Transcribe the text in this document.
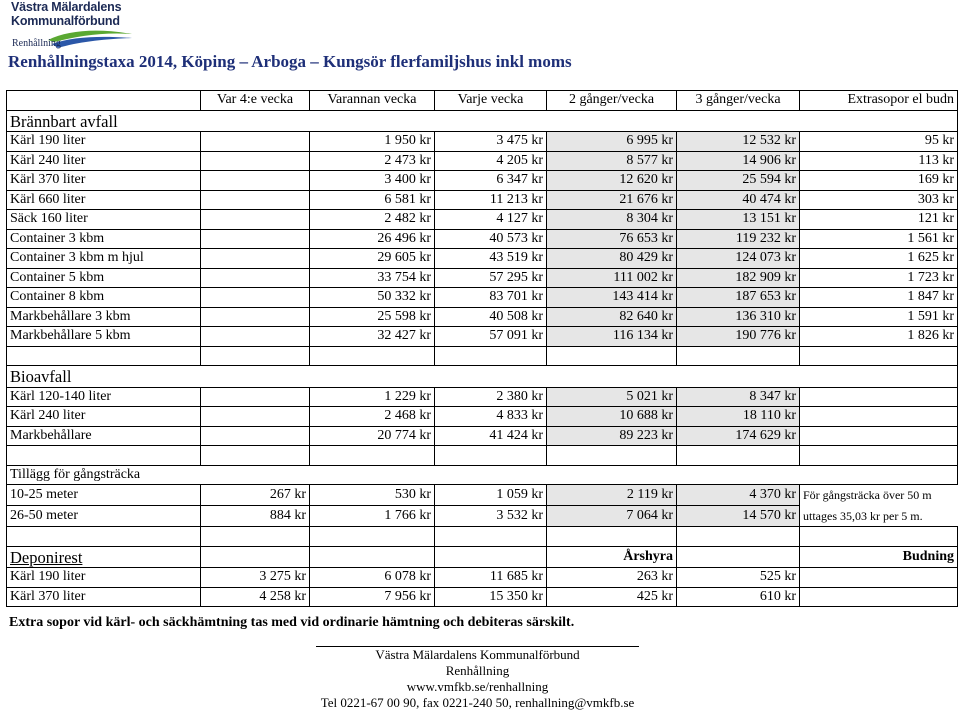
Västra Mälardalens
Kommunalförbund
Renhållning
Renhållningstaxa 2014, Köping – Arboga – Kungsör flerfamiljshus inkl moms
	Var 4:e vecka	Varannan vecka	Varje vecka	2 gånger/vecka	3 gånger/vecka	Extrasopor el budn
Brännbart avfall						
Kärl 190 liter		1 950 kr	3 475 kr	6 995 kr	12 532 kr	95 kr
Kärl 240 liter		2 473 kr	4 205 kr	8 577 kr	14 906 kr	113 kr
Kärl 370 liter		3 400 kr	6 347 kr	12 620 kr	25 594 kr	169 kr
Kärl 660 liter		6 581 kr	11 213 kr	21 676 kr	40 474 kr	303 kr
Säck 160 liter		2 482 kr	4 127 kr	8 304 kr	13 151 kr	121 kr
Container 3 kbm		26 496 kr	40 573 kr	76 653 kr	119 232 kr	1 561 kr
Container 3 kbm m hjul		29 605 kr	43 519 kr	80 429 kr	124 073 kr	1 625 kr
Container 5 kbm		33 754 kr	57 295 kr	111 002 kr	182 909 kr	1 723 kr
Container 8 kbm		50 332 kr	83 701 kr	143 414 kr	187 653 kr	1 847 kr
Markbehållare 3 kbm		25 598 kr	40 508 kr	82 640 kr	136 310 kr	1 591 kr
Markbehållare 5 kbm		32 427 kr	57 091 kr	116 134 kr	190 776 kr	1 826 kr

Bioavfall						
Kärl 120-140 liter		1 229 kr	2 380 kr	5 021 kr	8 347 kr	
Kärl 240 liter		2 468 kr	4 833 kr	10 688 kr	18 110 kr	
Markbehållare		20 774 kr	41 424 kr	89 223 kr	174 629 kr	

Tillägg för gångsträcka						
10-25 meter	267 kr	530 kr	1 059 kr	2 119 kr	4 370 kr	För gångsträcka över 50 m
26-50 meter	884 kr	1 766 kr	3 532 kr	7 064 kr	14 570 kr	uttages 35,03 kr per 5 m.

Deponirest				Årshyra		Budning
Kärl 190 liter	3 275 kr	6 078 kr	11 685 kr	263 kr	525 kr	
Kärl 370 liter	4 258 kr	7 956 kr	15 350 kr	425 kr	610 kr	
Extra sopor vid kärl- och säckhämtning tas med vid ordinarie hämtning och debiteras särskilt.
Västra Mälardalens Kommunalförbund
Renhållning
www.vmfkb.se/renhallning
Tel 0221-67 00 90, fax 0221-240 50, renhallning@vmkfb.se
